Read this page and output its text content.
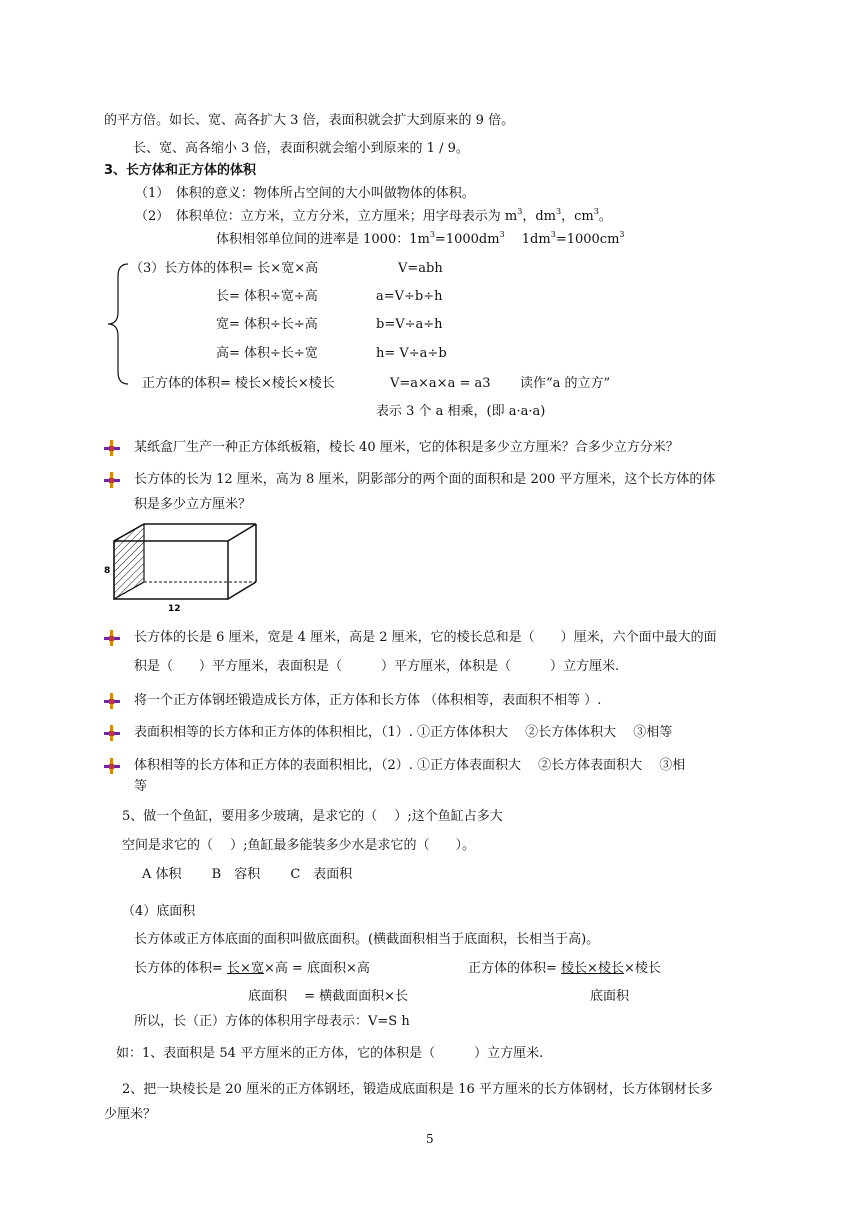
的平方倍。如长、宽、高各扩大 3 倍，表面积就会扩大到原来的 9 倍。
长、宽、高各缩小 3 倍，表面积就会缩小到原来的 1 / 9。
3、长方体和正方体的体积
（1）　体积的意义：物体所占空间的大小叫做物体的体积。
（2）　体积单位：立方米，立方分米，立方厘米；用字母表示为 $m^3$，$dm^3$，$cm^3$。
体积相邻单位间的进率是 1000：$1m^3=1000dm^3$　 $1dm^3=1000cm^3$
（3）长方体的体积= 长×宽×高	V=abh
长= 体积÷宽÷高	a=V÷b÷h
宽= 体积÷长÷高	b=V÷a÷h
高= 体积÷长÷宽	h= V÷a÷b
正方体的体积= 棱长×棱长×棱长	V=a×a×a = a3 读作“a 的立方”
表示 3 个 a 相乘，(即 a·a·a)
某纸盒厂生产一种正方体纸板箱，棱长 40 厘米，它的体积是多少立方厘米？合多少立方分米？
长方体的长为 12 厘米，高为 8 厘米，阴影部分的两个面的面积和是 200 平方厘米，这个长方体的体
积是多少立方厘米？
8
12
长方体的长是 6 厘米，宽是 4 厘米，高是 2 厘米，它的棱长总和是（　　）厘米，六个面中最大的面
积是（　　）平方厘米，表面积是（　　　）平方厘米，体积是（　　　）立方厘米.
将一个正方体钢坯锻造成长方体，正方体和长方体 （体积相等，表面积不相等 ）.
表面积相等的长方体和正方体的体积相比，（1）. ①正方体体积大　 ②长方体体积大　 ③相等
体积相等的长方体和正方体的表面积相比，（2）. ①正方体表面积大　 ②长方体表面积大　 ③相
等
5、做一个鱼缸，要用多少玻璃，是求它的（　 ）;这个鱼缸占多大
空间是求它的（　 ）;鱼缸最多能装多少水是求它的（　　）。
A 体积　　 B　容积　　 C　表面积
（4）底面积
长方体或正方体底面的面积叫做底面积。(横截面积相当于底面积，长相当于高)。
长方体的体积= 长×宽×高 = 底面积×高	正方体的体积= 棱长×棱长×棱长
底面积　 = 横截面面积×长	底面积
所以，长（正）方体的体积用字母表示：V=S h
如：1、表面积是 54 平方厘米的正方体，它的体积是（　　　）立方厘米.
2、把一块棱长是 20 厘米的正方体钢坯，锻造成底面积是 16 平方厘米的长方体钢材，长方体钢材长多
少厘米？
5
